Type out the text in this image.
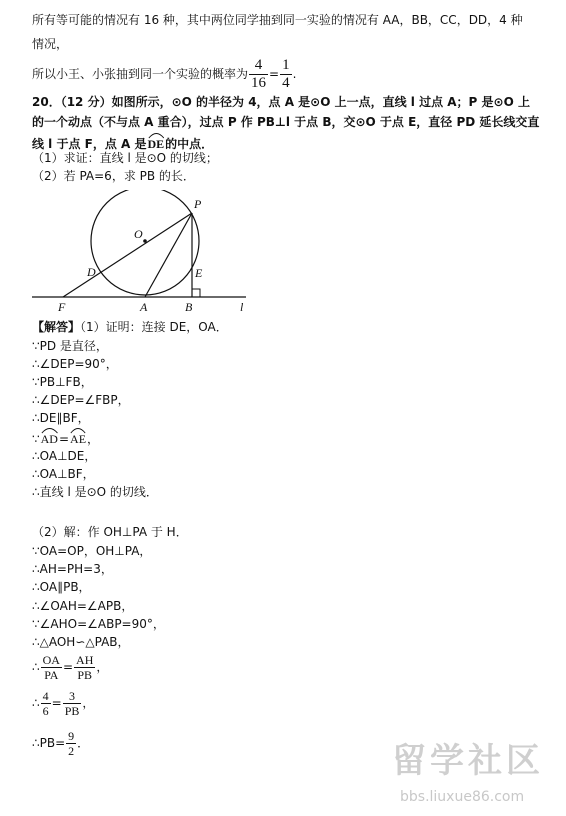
所有等可能的情况有 16 种，其中两位同学抽到同一实验的情况有 AA，BB，CC，DD，4 种
情况，
所以小王、小张抽到同一个实验的概率为 $\frac{4}{16} = \frac{1}{4}$ .
20．（12 分）如图所示，⊙O 的半径为 4，点 A 是⊙O 上一点，直线 l 过点 A；P 是⊙O 上
的一个动点（不与点 A 重合），过点 P 作 PB⊥l 于点 B，交⊙O 于点 E，直径 PD 延长线交直
线 l 于点 F，点 A 是
DE的中点．
（1）求证：直线 l 是⊙O 的切线；
（2）若 PA=6，求 PB 的长．
O
P
D	E
F	A	B	l
【解答】（1）证明：连接 DE，OA．
∵PD 是直径，
∴∠DEP=90°，
∵PB⊥FB，
∴∠DEP=∠FBP，
∴DE∥BF，
∵
AD=
AE，
∴OA⊥DE，
∴OA⊥BF，
∴直线 l 是⊙O 的切线．
（2）解：作 OH⊥PA 于 H．
∵OA=OP，OH⊥PA，
∴AH=PH=3，
∴OA∥PB，
∴∠OAH=∠APB，
∵∠AHO=∠ABP=90°，
∴△AOH∽△PAB，
∴ $\frac{OA}{PA} = \frac{AH}{PB}$ ，
∴ $\frac{4}{6} = \frac{3}{PB}$ ，
∴PB= $\frac{9}{2}$ ．	留学社区
bbs.liuxue86.com
